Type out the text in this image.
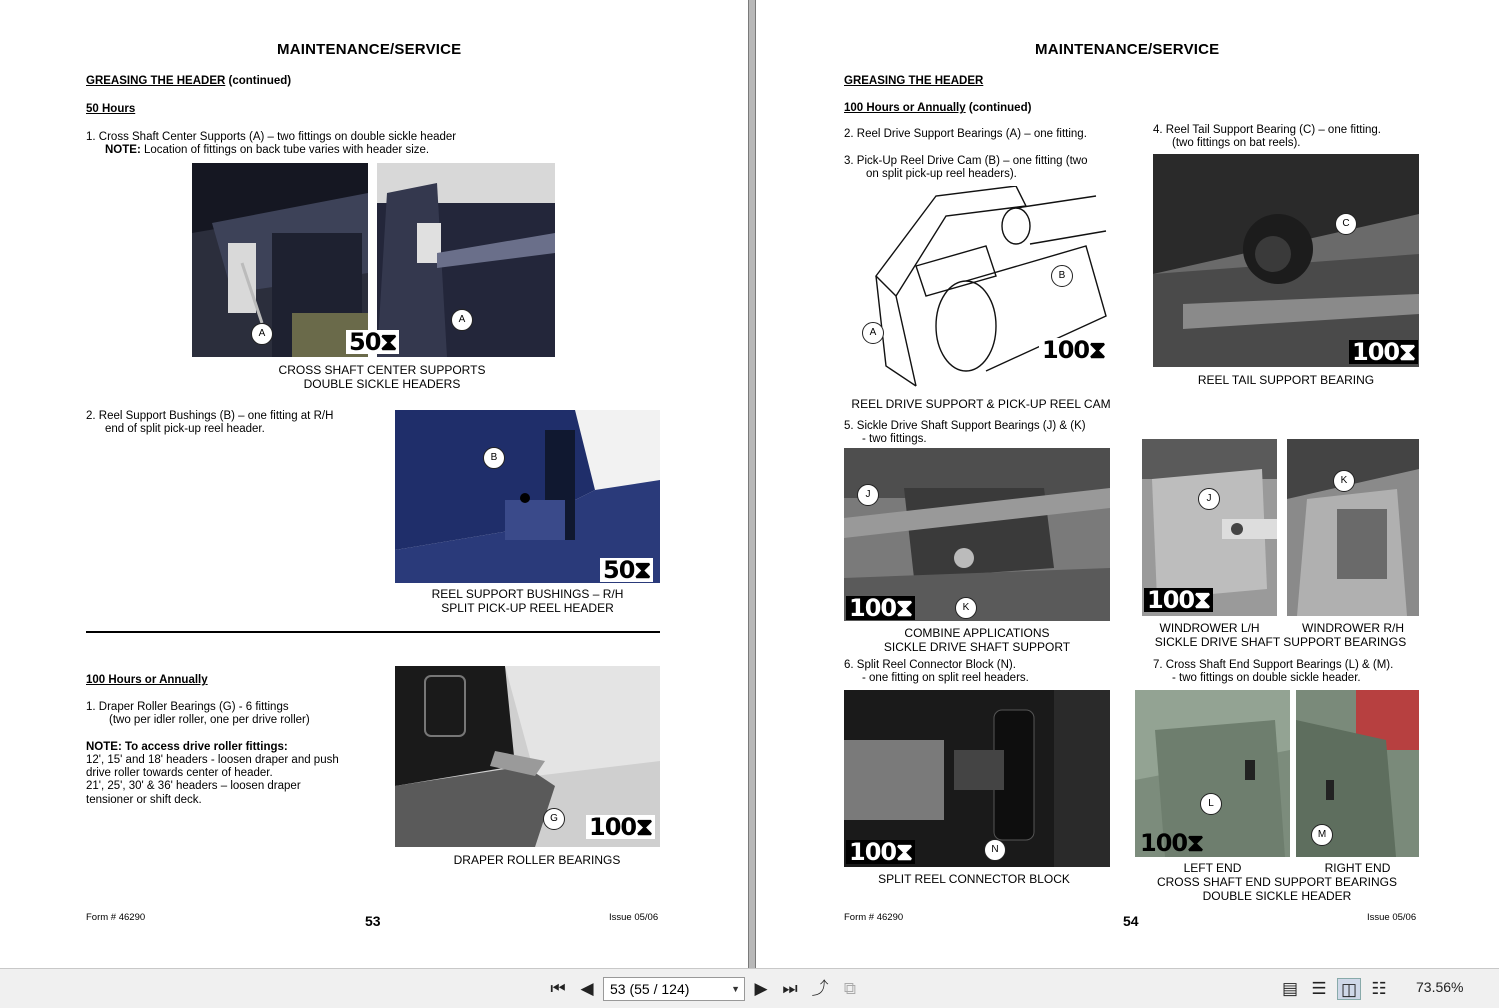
MAINTENANCE/SERVICE
GREASING THE HEADER (continued)
50 Hours
1. Cross Shaft Center Supports (A) – two fittings on double sickle header
NOTE: Location of fittings on back tube varies with header size.
A
A
50⧗
CROSS SHAFT CENTER SUPPORTS
DOUBLE SICKLE HEADERS
2. Reel Support Bushings (B) – one fitting at R/H
end of split pick-up reel header.
B
50⧗
REEL SUPPORT BUSHINGS – R/H
SPLIT PICK-UP REEL HEADER
100 Hours or Annually
1. Draper Roller Bearings (G) - 6 fittings
(two per idler roller, one per drive roller)
NOTE: To access drive roller fittings:
12', 15' and 18' headers - loosen draper and push
drive roller towards center of header.
21', 25', 30' & 36' headers – loosen draper
tensioner or shift deck.
G 100⧗
DRAPER ROLLER BEARINGS
Form # 46290	53	Issue 05/06
MAINTENANCE/SERVICE
GREASING THE HEADER
100 Hours or Annually (continued)
2. Reel Drive Support Bearings (A) – one fitting.
3. Pick-Up Reel Drive Cam (B) – one fitting (two
on split pick-up reel headers).
4. Reel Tail Support Bearing (C) – one fitting.
(two fittings on bat reels).
A
B
100⧗
REEL DRIVE SUPPORT & PICK-UP REEL CAM
C
100⧗
REEL TAIL SUPPORT BEARING
5. Sickle Drive Shaft Support Bearings (J) & (K)
- two fittings.
J
K
100⧗
COMBINE APPLICATIONS
SICKLE DRIVE SHAFT SUPPORT
J
K
100⧗
WINDROWER L/H	WINDROWER R/H
SICKLE DRIVE SHAFT SUPPORT BEARINGS
6. Split Reel Connector Block (N).
- one fitting on split reel headers.
7. Cross Shaft End Support Bearings (L) & (M).
- two fittings on double sickle header.
N
100⧗
SPLIT REEL CONNECTOR BLOCK
L
M
100⧗
LEFT END	RIGHT END
CROSS SHAFT END SUPPORT BEARINGS
DOUBLE SICKLE HEADER
Form # 46290	54	Issue 05/06
⏮ ◀	53 (55 / 124)	▼ ▶ ⏭ ⤴ ⧉	▤ ☰ ◫ ☷	73.56%
